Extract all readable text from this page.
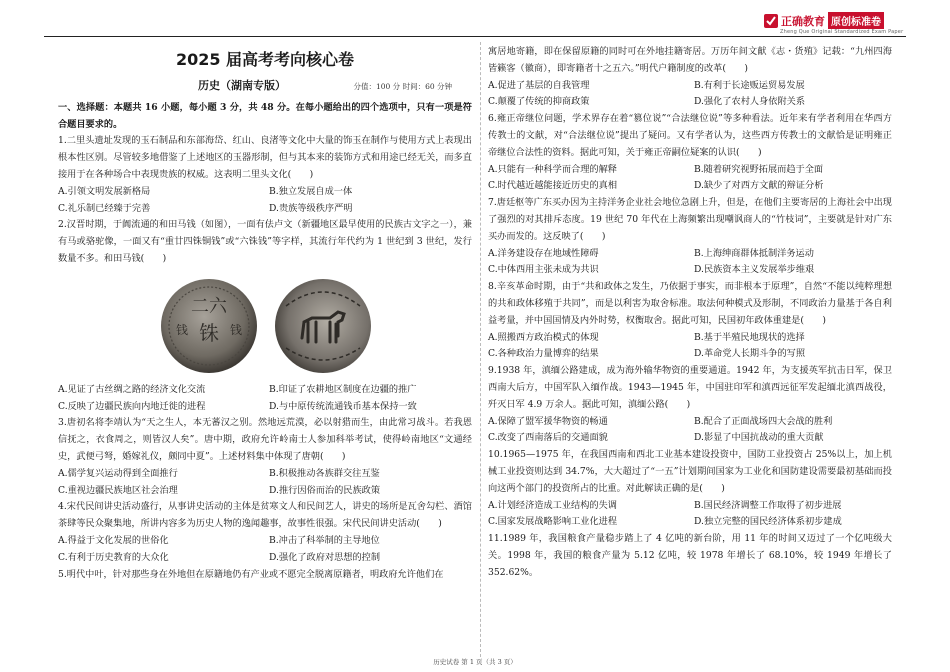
正确教育 原创标准卷
Zheng Que Original Standardized Exam Paper
2025 届高考考向核心卷
历史（湖南专版）	分值：100 分 时间：60 分钟

一、选择题：本题共 16 小题，每小题 3 分，共 48 分。在每小题给出的四个选项中，只有一项是符合题目要求的。

1.二里头遗址发现的玉石制品和东部海岱、红山、良渚等文化中大量的饰玉在制作与使用方式上表现出根本性区别。尽管较多地借鉴了上述地区的玉器形制，但与其本来的装饰方式和用途已经无关，而多直接用于在各种场合中表现贵族的权威。这表明二里头文化(　　)

A.引领文明发展新格局	B.独立发展自成一体
C.礼乐制已经臻于完善	D.贵族等级秩序严明

2.汉晋时期，于阗流通的和田马钱（如图），一面有佉卢文（新疆地区最早使用的民族古文字之一），兼有马或骆驼像，一面又有“重廿四铢铜钱”或“六铢钱”等字样，其流行年代约为 1 世纪到 3 世纪，发行数量不多。和田马钱(　　)

二六
铢
钱	钱
A.见证了古丝绸之路的经济文化交流	B.印证了农耕地区制度在边疆的推广
C.反映了边疆民族向内地迁徙的进程	D.与中原传统流通钱币基本保持一致

3.唐初名将李靖认为“天之生人，本无蕃汉之别。然地远荒漠，必以射猎而生，由此常习战斗。若我恩信抚之，衣食周之，则皆汉人矣”。唐中期，政府允许岭南士人参加科举考试，使得岭南地区“文通经史，武便弓弩，婚嫁礼仪，颇同中夏”。上述材料集中体现了唐朝(　　)

A.儒学复兴运动得到全面推行	B.积极推动各族群交往互鉴
C.重视边疆民族地区社会治理	D.推行因俗而治的民族政策

4.宋代民间讲史活动盛行，从事讲史活动的主体是贫寒文人和民间艺人，讲史的场所是瓦舍勾栏、酒馆茶肆等民众聚集地，所讲内容多为历史人物的逸闻趣事，故事性很强。宋代民间讲史活动(　　)

A.得益于文化发展的世俗化	B.冲击了科举制的主导地位
C.有利于历史教育的大众化	D.强化了政府对思想的控制

5.明代中叶，针对那些身在外地但在原籍地仍有产业或不愿完全脱离原籍者，明政府允许他们在

寓居地寄籍，即在保留原籍的同时可在外地挂籍寄居。万历年间文献《志・货殖》记载：“九州四海皆籁客（徽商），即寄籍者十之五六。”明代户籍制度的改革(　　)

A.促进了基层的自我管理	B.有利于长途贩运贸易发展
C.颠覆了传统的抑商政策	D.强化了农村人身依附关系

6.雍正帝继位问题，学术界存在着“篡位说”“合法继位说”等多种看法。近年来有学者利用在华西方传教士的文献，对“合法继位说”提出了疑问。又有学者认为，这些西方传教士的文献恰是证明雍正帝继位合法性的资料。据此可知，关于雍正帝嗣位疑案的认识(　　)

A.只能有一种科学而合理的解释	B.随着研究视野拓展而趋于全面
C.时代越近越能接近历史的真相	D.缺少了对西方文献的辩证分析

7.唐廷枢等广东买办因为主持洋务企业社会地位急剧上升，但是，在他们主要寄居的上海社会中出现了强烈的对其排斥态度。19 世纪 70 年代在上海频繁出现嘲讽商人的“竹枝词”，主要就是针对广东买办而发的。这反映了(　　)

A.洋务建设存在地域性障碍	B.上海绅商群体抵制洋务运动
C.中体西用主张未成为共识	D.民族资本主义发展举步维艰

8.辛亥革命时期，由于“共和政体之发生，乃依据于事实，而非根本于原理”，自然“不能以纯粹理想的共和政体移殖于共同”，而是以利害为取舍标准。取法何种模式及形制，不同政治力量基于各自利益考量，并中国国情及内外时势，权衡取舍。据此可知，民国初年政体重建是(　　)

A.照搬西方政治模式的体现	B.基于半殖民地现状的选择
C.各种政治力量博弈的结果	D.革命党人长期斗争的写照

9.1938 年，滇缅公路建成，成为海外输华物资的重要通道。1942 年，为支援英军抗击日军，保卫西南大后方，中国军队入缅作战。1943—1945 年，中国驻印军和滇西远征军发起缅北滇西战役，歼灭日军 4.9 万余人。据此可知，滇缅公路(　　)

A.保障了盟军援华物资的畅通	B.配合了正面战场四大会战的胜利
C.改变了西南落后的交通面貌	D.影显了中国抗战动的重大贡献

10.1965—1975 年，在我国西南和西北工业基本建设投资中，国防工业投资占 25%以上，加上机械工业投资则达到 34.7%，大大超过了“一五”计划期间国家为工业化和国防建设需要最初基础而投向这两个部门的投资所占的比重。对此解读正确的是(　　)

A.计划经济造成工业结构的失调	B.国民经济调整工作取得了初步进展
C.国家发展战略影响工业化进程	D.独立完整的国民经济体系初步建成

11.1989 年，我国粮食产量稳步踏上了 4 亿吨的新台阶，用 11 年的时间又迈过了一个亿吨级大关。1998 年，我国的粮食产量为 5.12 亿吨，较 1978 年增长了 68.10%，较 1949 年增长了 352.62%。

历史试卷 第 1 页（共 3 页）
